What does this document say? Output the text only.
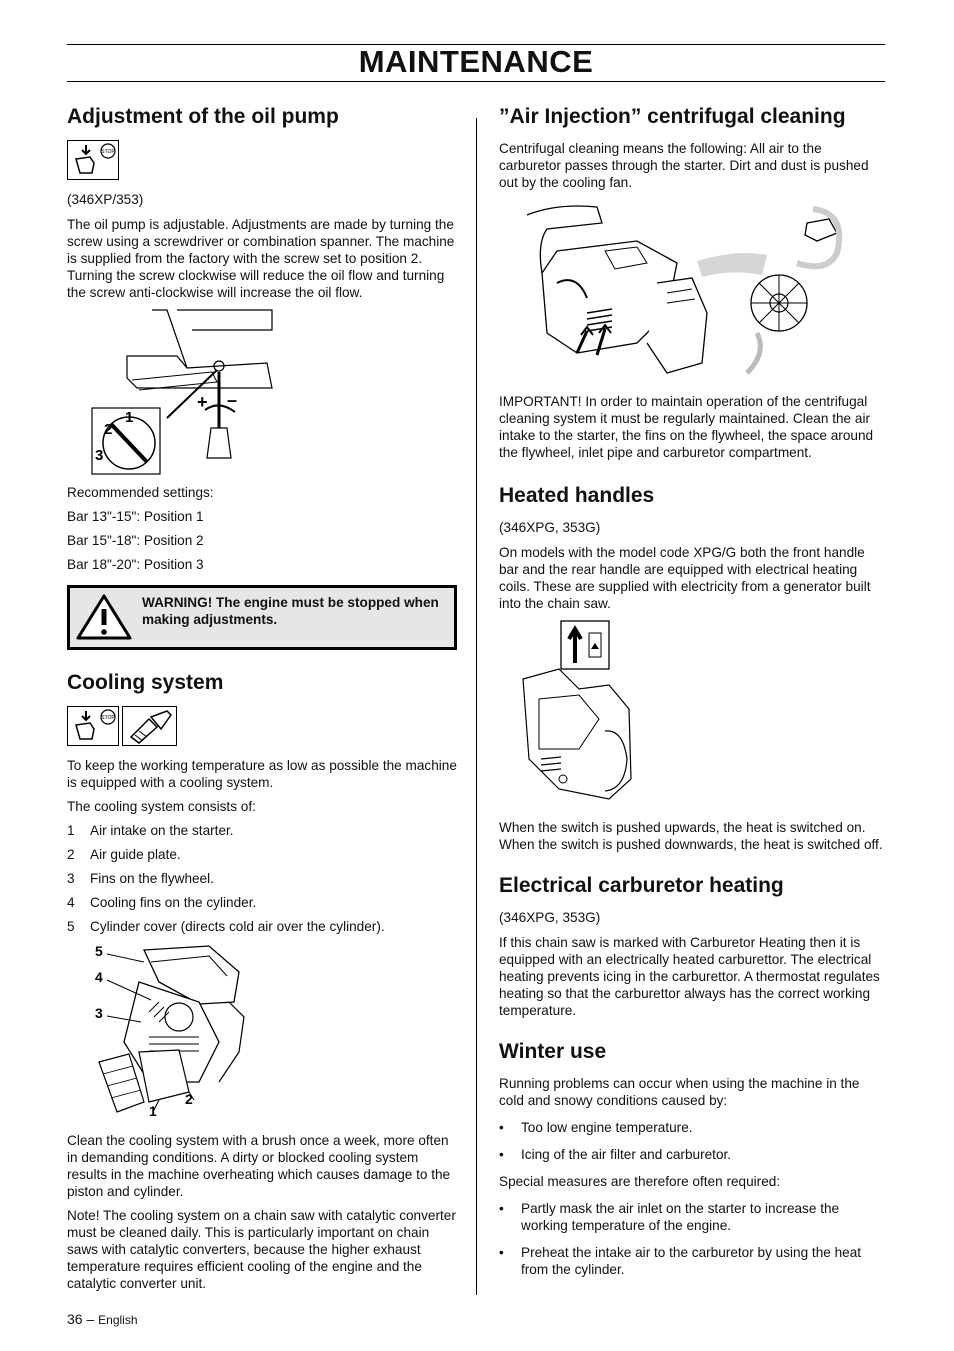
MAINTENANCE
Adjustment of the oil pump
STOP

(346XP/353)

The oil pump is adjustable. Adjustments are made by turning the screw using a screwdriver or combination spanner. The machine is supplied from the factory with the screw set to position 2. Turning the screw clockwise will reduce the oil flow and turning the screw anti-clockwise will increase the oil flow.

+ –
1
2
3

Recommended settings:

Bar 13"-15": Position 1

Bar 15"-18": Position 2

Bar 18"-20": Position 3

WARNING! The engine must be stopped when making adjustments.
Cooling system
STOP

To keep the working temperature as low as possible the machine is equipped with a cooling system.

The cooling system consists of:

1	Air intake on the starter.
2	Air guide plate.
3	Fins on the flywheel.
4	Cooling fins on the cylinder.
5	Cylinder cover (directs cold air over the cylinder).
5
4
3
1
2

Clean the cooling system with a brush once a week, more often in demanding conditions. A dirty or blocked cooling system results in the machine overheating which causes damage to the piston and cylinder.

Note! The cooling system on a chain saw with catalytic converter must be cleaned daily. This is particularly important on chain saws with catalytic converters, because the higher exhaust temperature requires efficient cooling of the engine and the catalytic converter unit.

”Air Injection” centrifugal cleaning

Centrifugal cleaning means the following: All air to the carburetor passes through the starter. Dirt and dust is pushed out by the cooling fan.

IMPORTANT! In order to maintain operation of the centrifugal cleaning system it must be regularly maintained. Clean the air intake to the starter, the fins on the flywheel, the space around the flywheel, inlet pipe and carburetor compartment.

Heated handles

(346XPG, 353G)

On models with the model code XPG/G both the front handle bar and the rear handle are equipped with electrical heating coils. These are supplied with electricity from a generator built into the chain saw.

When the switch is pushed upwards, the heat is switched on. When the switch is pushed downwards, the heat is switched off.

Electrical carburetor heating

(346XPG, 353G)

If this chain saw is marked with Carburetor Heating then it is equipped with an electrically heated carburettor. The electrical heating prevents icing in the carburettor. A thermostat regulates heating so that the carburettor always has the correct working temperature.

Winter use

Running problems can occur when using the machine in the cold and snowy conditions caused by:

•	Too low engine temperature.
•	Icing of the air filter and carburetor.

Special measures are therefore often required:

•	Partly mask the air inlet on the starter to increase the working temperature of the engine.
•	Preheat the intake air to the carburetor by using the heat from the cylinder.
36 – English
